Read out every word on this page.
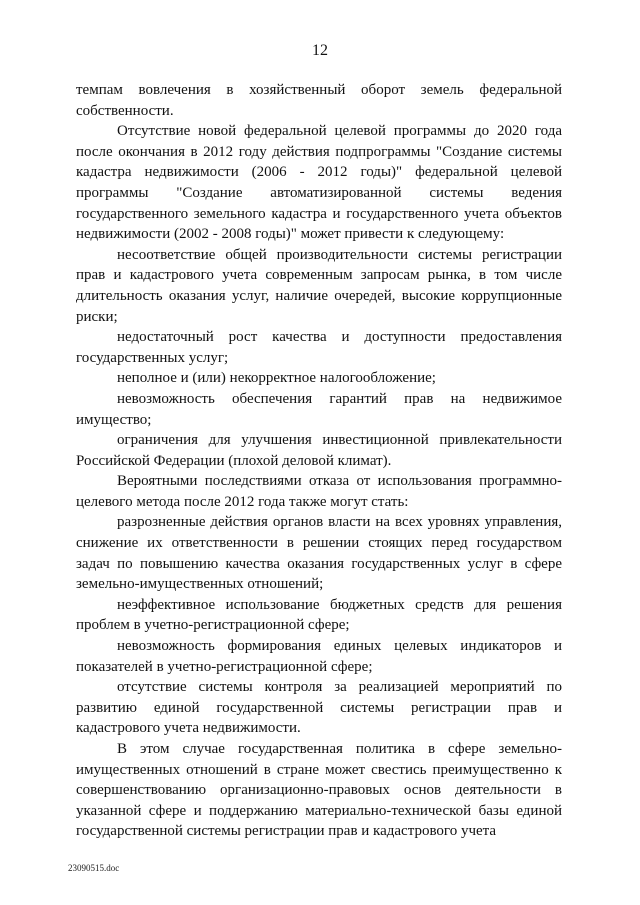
12

темпам вовлечения в хозяйственный оборот земель федеральной собственности.

Отсутствие новой федеральной целевой программы до 2020 года после окончания в 2012 году действия подпрограммы "Создание системы кадастра недвижимости (2006 - 2012 годы)" федеральной целевой программы "Создание автоматизированной системы ведения государственного земельного кадастра и государственного учета объектов недвижимости (2002 - 2008 годы)" может привести к следующему:

несоответствие общей производительности системы регистрации прав и кадастрового учета современным запросам рынка, в том числе длительность оказания услуг, наличие очередей, высокие коррупционные риски;

недостаточный рост качества и доступности предоставления государственных услуг;

неполное и (или) некорректное налогообложение;

невозможность обеспечения гарантий прав на недвижимое имущество;

ограничения для улучшения инвестиционной привлекательности Российской Федерации (плохой деловой климат).

Вероятными последствиями отказа от использования программно-целевого метода после 2012 года также могут стать:

разрозненные действия органов власти на всех уровнях управления, снижение их ответственности в решении стоящих перед государством задач по повышению качества оказания государственных услуг в сфере земельно-имущественных отношений;

неэффективное использование бюджетных средств для решения проблем в учетно-регистрационной сфере;

невозможность формирования единых целевых индикаторов и показателей в учетно-регистрационной сфере;

отсутствие системы контроля за реализацией мероприятий по развитию единой государственной системы регистрации прав и кадастрового учета недвижимости.

В этом случае государственная политика в сфере земельно-имущественных отношений в стране может свестись преимущественно к совершенствованию организационно-правовых основ деятельности в указанной сфере и поддержанию материально-технической базы единой государственной системы регистрации прав и кадастрового учета

23090515.doc
